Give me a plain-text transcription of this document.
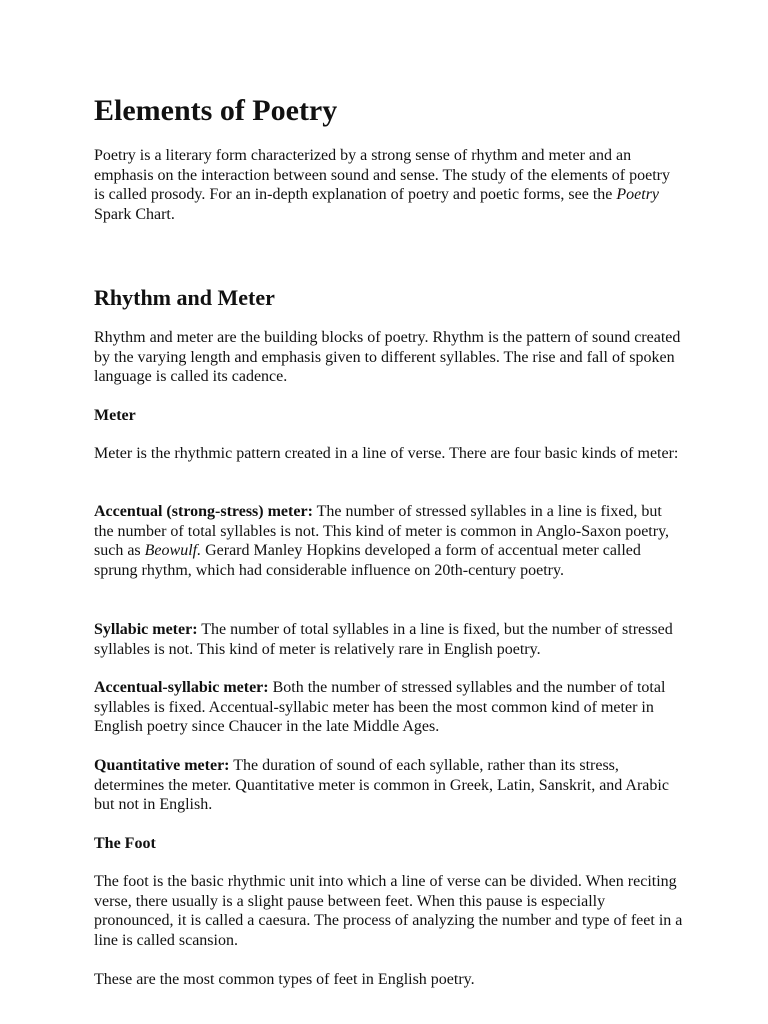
Elements of Poetry

Poetry is a literary form characterized by a strong sense of rhythm and meter and an emphasis on the interaction between sound and sense. The study of the elements of poetry is called prosody. For an in-depth explanation of poetry and poetic forms, see the Poetry Spark Chart.

Rhythm and Meter

Rhythm and meter are the building blocks of poetry. Rhythm is the pattern of sound created by the varying length and emphasis given to different syllables. The rise and fall of spoken language is called its cadence.

Meter

Meter is the rhythmic pattern created in a line of verse. There are four basic kinds of meter:

Accentual (strong-stress) meter: The number of stressed syllables in a line is fixed, but the number of total syllables is not. This kind of meter is common in Anglo-Saxon poetry, such as Beowulf. Gerard Manley Hopkins developed a form of accentual meter called sprung rhythm, which had considerable influence on 20th-century poetry.

Syllabic meter: The number of total syllables in a line is fixed, but the number of stressed syllables is not. This kind of meter is relatively rare in English poetry.

Accentual-syllabic meter: Both the number of stressed syllables and the number of total syllables is fixed. Accentual-syllabic meter has been the most common kind of meter in English poetry since Chaucer in the late Middle Ages.

Quantitative meter: The duration of sound of each syllable, rather than its stress, determines the meter. Quantitative meter is common in Greek, Latin, Sanskrit, and Arabic but not in English.

The Foot

The foot is the basic rhythmic unit into which a line of verse can be divided. When reciting verse, there usually is a slight pause between feet. When this pause is especially pronounced, it is called a caesura. The process of analyzing the number and type of feet in a line is called scansion.

These are the most common types of feet in English poetry.
